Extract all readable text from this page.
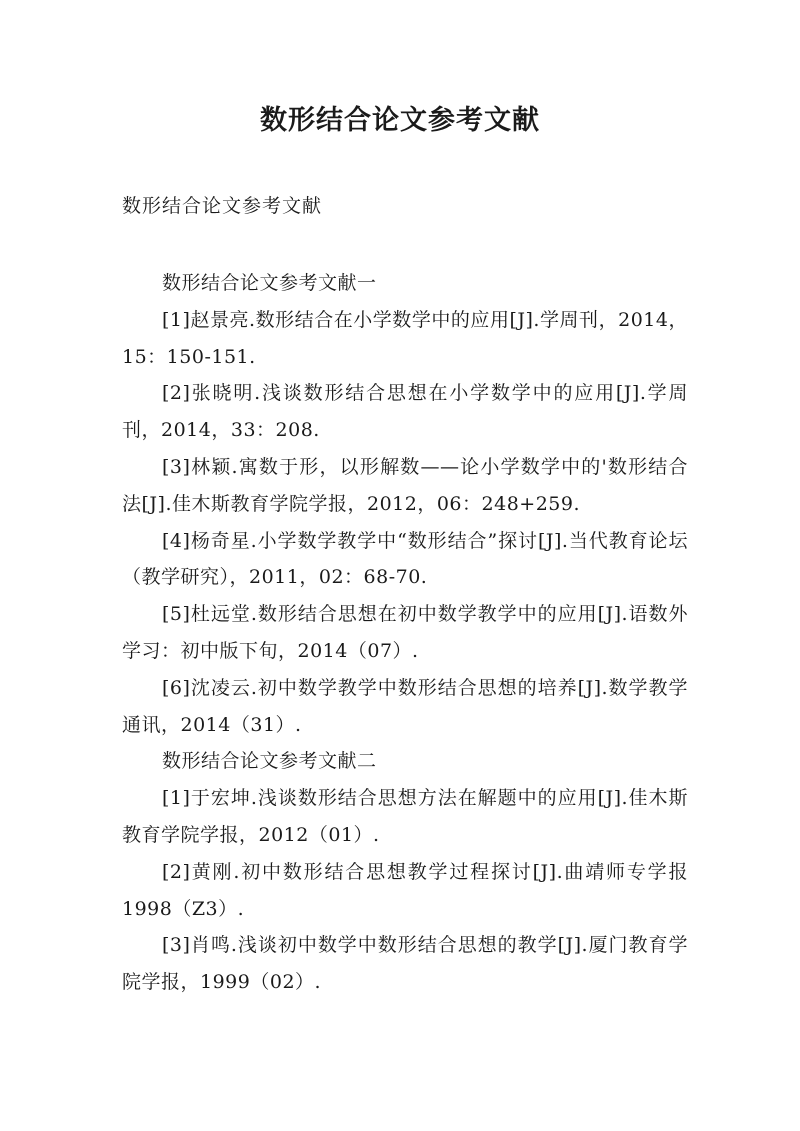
数形结合论文参考文献

数形结合论文参考文献

数形结合论文参考文献一

[1]赵景亮.数形结合在小学数学中的应用[J].学周刊，2014，15：150-151.

[2]张晓明.浅谈数形结合思想在小学数学中的应用[J].学周刊，2014，33：208.

[3]林颖.寓数于形，以形解数——论小学数学中的'数形结合法[J].佳木斯教育学院学报，2012，06：248+259.

[4]杨奇星.小学数学教学中“数形结合”探讨[J].当代教育论坛（教学研究），2011，02：68-70.

[5]杜远堂.数形结合思想在初中数学教学中的应用[J].语数外学习：初中版下旬，2014（07）.

[6]沈凌云.初中数学教学中数形结合思想的培养[J].数学教学通讯，2014（31）.

数形结合论文参考文献二

[1]于宏坤.浅谈数形结合思想方法在解题中的应用[J].佳木斯教育学院学报，2012（01）.

[2]黄刚.初中数形结合思想教学过程探讨[J].曲靖师专学报 1998（Z3）.

[3]肖鸣.浅谈初中数学中数形结合思想的教学[J].厦门教育学院学报，1999（02）.
